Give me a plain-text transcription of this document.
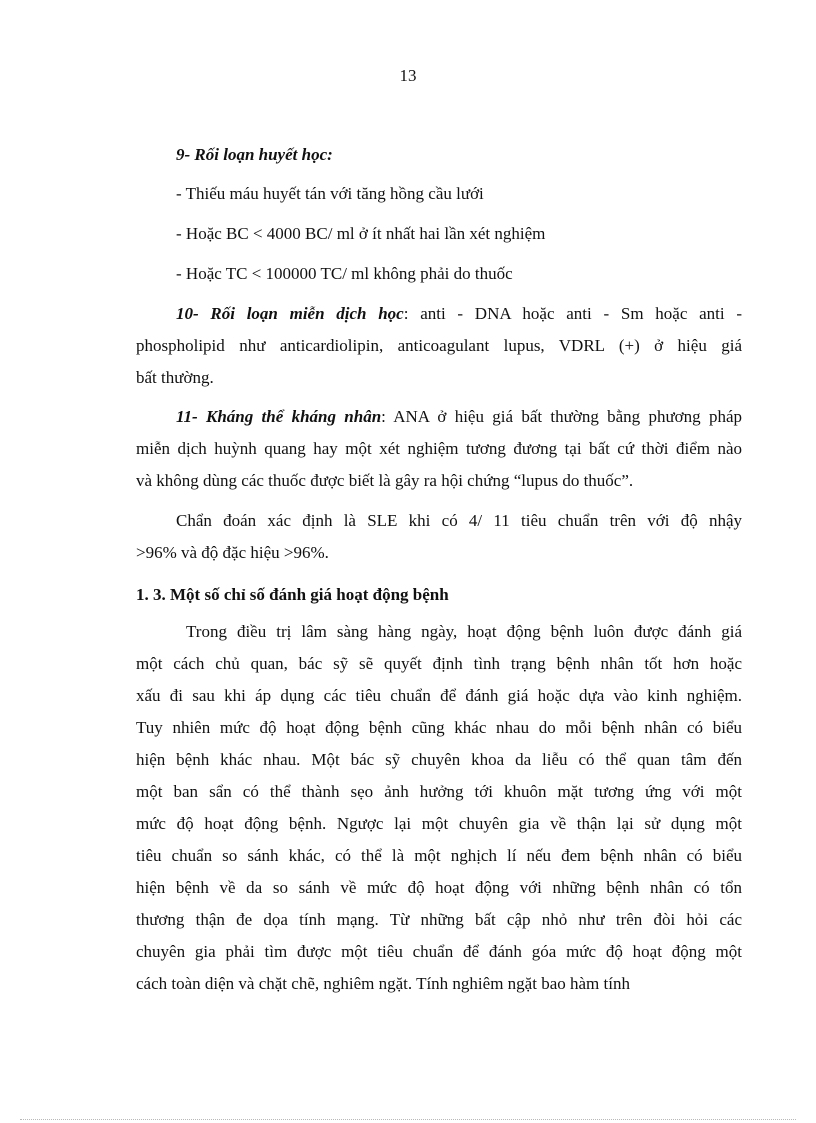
13
9- Rối loạn huyết học:
- Thiếu máu huyết tán với tăng hồng cầu lưới
- Hoặc BC < 4000 BC/ ml ở ít nhất hai lần xét nghiệm
- Hoặc TC < 100000 TC/ ml không phải do thuốc
10- Rối loạn miễn dịch học: anti - DNA hoặc anti - Sm hoặc anti -
phospholipid như anticardiolipin, anticoagulant lupus, VDRL (+) ở hiệu giá
bất thường.
11- Kháng thể kháng nhân: ANA ở hiệu giá bất thường bằng phương pháp
miễn dịch huỳnh quang hay một xét nghiệm tương đương tại bất cứ thời điểm nào
và không dùng các thuốc được biết là gây ra hội chứng “lupus do thuốc”.
Chẩn đoán xác định là SLE khi có 4/ 11 tiêu chuẩn trên với độ nhậy
>96% và độ đặc hiệu >96%.
1. 3. Một số chỉ số đánh giá hoạt động bệnh
Trong điều trị lâm sàng hàng ngày, hoạt động bệnh luôn được đánh giá
một cách chủ quan, bác sỹ sẽ quyết định tình trạng bệnh nhân tốt hơn hoặc
xấu đi sau khi áp dụng các tiêu chuẩn để đánh giá hoặc dựa vào kinh nghiệm.
Tuy nhiên mức độ hoạt động bệnh cũng khác nhau do mỗi bệnh nhân có biểu
hiện bệnh khác nhau. Một bác sỹ chuyên khoa da liễu có thể quan tâm đến
một ban sẩn có thể thành sẹo ảnh hưởng tới khuôn mặt tương ứng với một
mức độ hoạt động bệnh. Ngược lại một chuyên gia về thận lại sử dụng một
tiêu chuẩn so sánh khác, có thể là một nghịch lí nếu đem bệnh nhân có biểu
hiện bệnh về da so sánh về mức độ hoạt động với những bệnh nhân có tổn
thương thận đe dọa tính mạng. Từ những bất cập nhỏ như trên đòi hỏi các
chuyên gia phải tìm được một tiêu chuẩn để đánh góa mức độ hoạt động một
cách toàn diện và chặt chẽ, nghiêm ngặt. Tính nghiêm ngặt bao hàm tính
